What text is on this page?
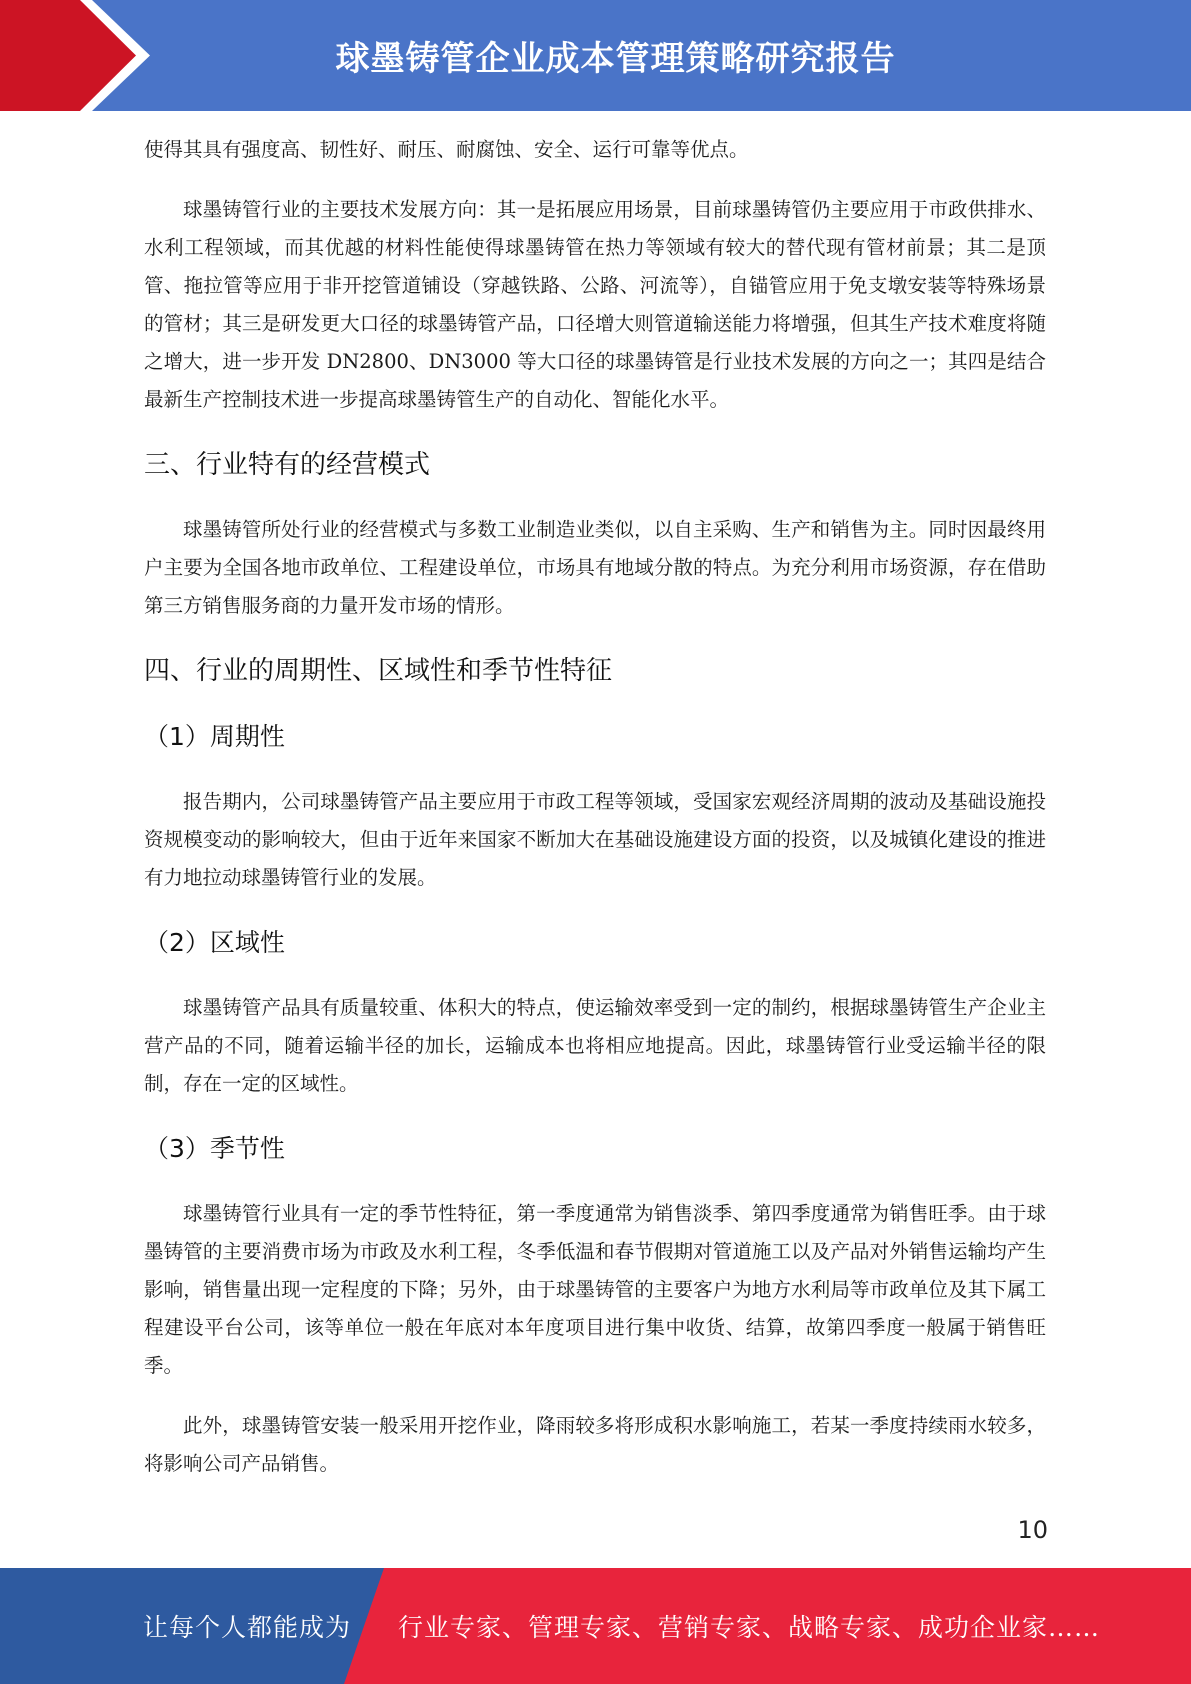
球墨铸管企业成本管理策略研究报告

使得其具有强度高、韧性好、耐压、耐腐蚀、安全、运行可靠等优点。

球墨铸管行业的主要技术发展方向：其一是拓展应用场景，目前球墨铸管仍主要应用于市政供排水、水利工程领域，而其优越的材料性能使得球墨铸管在热力等领域有较大的替代现有管材前景；其二是顶管、拖拉管等应用于非开挖管道铺设（穿越铁路、公路、河流等），自锚管应用于免支墩安装等特殊场景的管材；其三是研发更大口径的球墨铸管产品，口径增大则管道输送能力将增强，但其生产技术难度将随之增大，进一步开发 DN2800、DN3000 等大口径的球墨铸管是行业技术发展的方向之一；其四是结合最新生产控制技术进一步提高球墨铸管生产的自动化、智能化水平。

三、行业特有的经营模式

球墨铸管所处行业的经营模式与多数工业制造业类似，以自主采购、生产和销售为主。同时因最终用户主要为全国各地市政单位、工程建设单位，市场具有地域分散的特点。为充分利用市场资源，存在借助第三方销售服务商的力量开发市场的情形。

四、行业的周期性、区域性和季节性特征
（1）周期性

报告期内，公司球墨铸管产品主要应用于市政工程等领域，受国家宏观经济周期的波动及基础设施投资规模变动的影响较大，但由于近年来国家不断加大在基础设施建设方面的投资，以及城镇化建设的推进有力地拉动球墨铸管行业的发展。

（2）区域性

球墨铸管产品具有质量较重、体积大的特点，使运输效率受到一定的制约，根据球墨铸管生产企业主营产品的不同，随着运输半径的加长，运输成本也将相应地提高。因此，球墨铸管行业受运输半径的限制，存在一定的区域性。

（3）季节性

球墨铸管行业具有一定的季节性特征，第一季度通常为销售淡季、第四季度通常为销售旺季。由于球墨铸管的主要消费市场为市政及水利工程，冬季低温和春节假期对管道施工以及产品对外销售运输均产生影响，销售量出现一定程度的下降；另外，由于球墨铸管的主要客户为地方水利局等市政单位及其下属工程建设平台公司，该等单位一般在年底对本年度项目进行集中收货、结算，故第四季度一般属于销售旺季。

此外，球墨铸管安装一般采用开挖作业，降雨较多将形成积水影响施工，若某一季度持续雨水较多，将影响公司产品销售。

10
让每个人都能成为 行业专家、管理专家、营销专家、战略专家、成功企业家……
